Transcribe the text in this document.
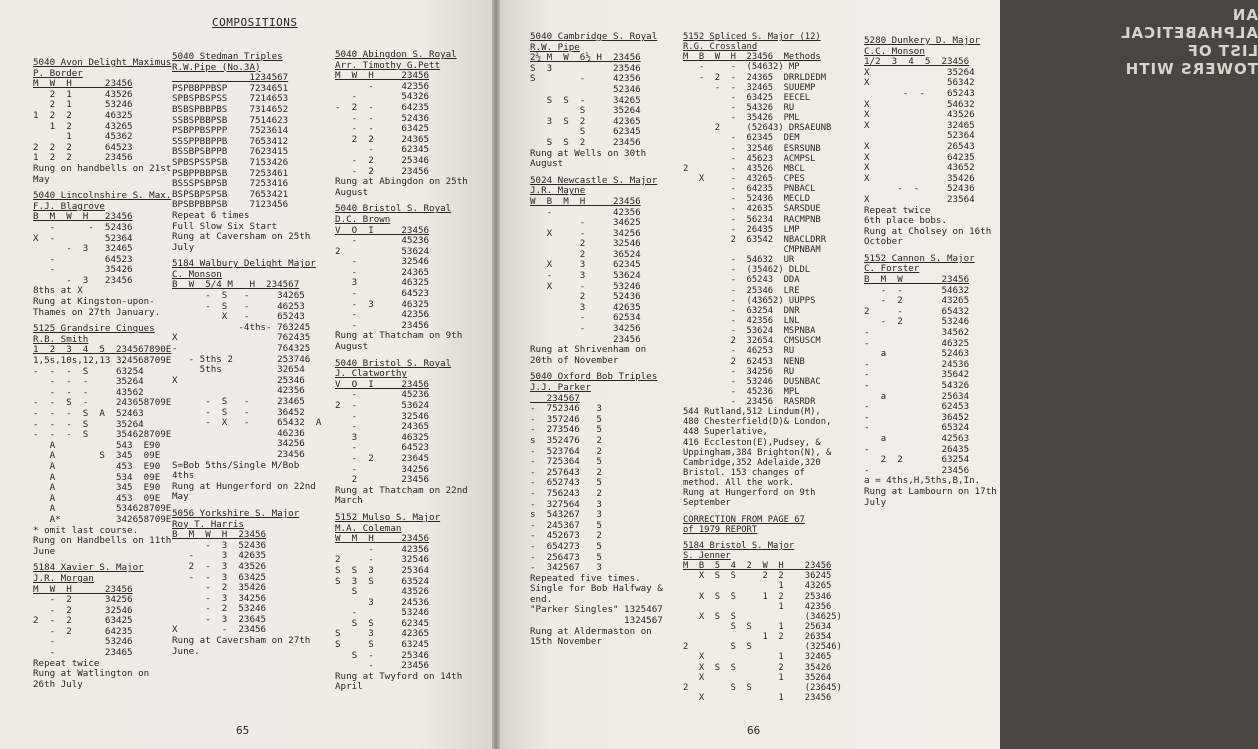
COMPOSITIONS
5040 Avon Delight Maximus
P. Border
M  W  H      23456
2  1      43526
2  1      53246
1  2  2      46325
1  2      43265
1      45362
2  2  2      64523
1  2  2      23456
Rung on handbells on 21st
May
5040 Lincolnshire S. Max.
F.J. Blagrove
B  M  W  H   23456
-      -  52436
X  -         52364
-  3   32465
-         64523
-         35426
-  3   23456
8ths at X
Rung at Kingston-upon-
Thames on 27th January.
5125 Grandsire Cinques
R.B. Smith
1  2  3  4  5  234567890E
1,5s,10s,12,13 324568709E
-  -  -  S     63254
-  -  -     35264
-  -  -     43562
-  -  S  -     243658709E
-  -  -  S  A  52463
-  -  -  S     35264
-  -  -  S     354628709E
A           543  E90
A        S  345  09E
A           453  E90
A           534  09E
A           345  E90
A           453  09E
A           534628709E
A*          342658709E
* omit last course.
Rung on Handbells on 11th
June
5184 Xavier S. Major
J.R. Morgan
M  W  H      23456
-  2      34256
-  2      32546
2  -  2      63425
-  2      64235
-         53246
-         23465
Repeat twice
Rung at Watlington on
26th July
5040 Stedman Triples
R.W.Pipe (No.3A)
1234567
PSPBBPPBSP    7234651
SPBSPBSPSS    7214653
BSBSPBBPBS    7314652
SSBSPBBPSB    7514623
PSBPPBSPPP    7523614
SSSPPBBPPB    7653412
BSSBPSBPPB    7623415
SPBSPSSPSB    7153426
PSBPPBBPSB    7253461
BSSSPSBPSB    7253416
BSPSBPSPSB    7653421
BPSBPBBPSB    7123456
Repeat 6 times
Full Slow Six Start
Rung at Caversham on 25th
July
5184 Walbury Delight Major
C. Monson
B  W  5/4 M   H  234567
-  S   -     34265
-  S   -     46253
X   -     65243
-4ths- 763245
X                  762435
-                  764325
- 5ths 2        253746
5ths          32654
X                  25346
42356
-  S   -     23465
-  S   -     36452
-  X   -     65432  A
46236
34256
23456
S=Bob 5ths/Single M/Bob
4ths
Rung at Hungerford on 22nd
May
5056 Yorkshire S. Major
Roy T. Harris
B  M  W  H  23456
-  3  52436
-     3  42635
2  -  3  43526
-  -  3  63425
-  2  35426
-  3  34256
-  2  53246
-  3  23645
X        -  23456
Rung at Caversham on 27th
June.
5040 Abingdon S. Royal
Arr. Timothy G.Pett
M  W  H     23456
-     42356
-        54326
-  2  -     64235
-  -     52436
-  -     63425
2  2     24365
-     62345
-  2     25346
-  2     23456
Rung at Abingdon on 25th
August
5040 Bristol S. Royal
D.C. Brown
V  O  I     23456
-        45236
2           53624
-        32546
-        24365
3        46325
-        64523
-  3     46325
-        42356
-        23456
Rung at Thatcham on 9th
August
5040 Bristol S. Royal
J. Clatworthy
V  O  I     23456
-        45236
2  -        53624
-        32546
-        24365
3        46325
-        64523
-  2     23645
-        34256
2        23456
Rung at Thatcham on 22nd
March
5152 Mulso S. Major
M.A. Coleman
W  M  H     23456
-     42356
2     -     32546
S  S  3     25364
S  3  S     63524
S        43526
3     24536
-        53246
S  S     62345
S     3     42365
S     S     63245
S  -     25346
-     23456
Rung at Twyford on 14th
April
65
AN ALPHABETICAL LIST OF TOWERS WITH
5040 Cambridge S. Royal
R.W. Pipe
2½ M  W  6½ H  23456
S  3           23546
S        -     42356
52346
S  S  -     34265
S     35264
3  S  2     42365
S     62345
S  S  2     23456
Rung at Wells on 30th
August
5024 Newcastle S. Major
J.R. Mayne
W  B  M  H     23456
-           42356
-     34625
X     -     34256
2     32546
2     36524
X     3     62345
-     3     53624
X     -     53246
2     52436
3     42635
-     62534
-     34256
23456
Rung at Shrivenham on
20th of November
5040 Oxford Bob Triples
J.J. Parker
234567
-  752346   3
-  357246   5
-  273546   5
s  352476   2
-  523764   2
-  725364   5
-  257643   2
-  652743   5
-  756243   2
-  327564   3
s  543267   3
-  245367   5
-  452673   2
-  654273   5
-  256473   5
-  342567   3
Repeated five times.
Single for Bob Halfway &
end.
"Parker Singles" 1325467
1324567
Rung at Aldermaston on
15th November
5152 Spliced S. Major (12)
R.G. Crossland
M  B  W  H  23456  Methods
-     -  (54632) MP
-  2  -  24365  DRRLDEDM
-  -  32465  SUUEMP
-  63425  EECEL
-  54326  RU
-  35426  PML
2     (52643) DRSAEUNB
-  62345  DEM
-  32546  ESRSUNB
-  45623  ACMPSL
2        -  43526  MBCL
X     -  43265  CPES
-  64235  PNBACL
-  52436  MECLD
-  42635  SARSDUE
-  56234  RACMPNB
-  26435  LMP
2  63542  NBACLDRR
CMPNBAM
-  54632  UR
-  (35462) DLDL
-  65243  DDA
-  25346  LRE
-  (43652) UUPPS
-  63254  DNR
-  42356  LNL
-  53624  MSPNBA
2  32654  CMSUSCM
-  46253  RU
2  62453  NENB
-  34256  RU
-  53246  DUSNBAC
-  45236  MPL
-  23456  RASRDR
544 Rutland,512 Lindum(M),
480 Chesterfield(D)& London,
448 Superlative,
416 Eccleston(E),Pudsey, &
Uppingham,384 Brighton(N), &
Cambridge,352 Adelaide,320
Bristol. 153 changes of
method. All the work.
Rung at Hungerford on 9th
September
CORRECTION FROM PAGE 67
of 1979 REPORT
5184 Bristol S. Major
S. Jenner
M  B  5  4  2  W  H    23456
X  S  S     2  2    36245
1    43265
X  S  S     1  2    25346
1    42356
X  S  S             (34625)
S  S     1    25634
1  2    26354
2        S  S          (32546)
X              1    32465
X  S  S        2    35426
X              1    35264
2        S  S          (23645)
X              1    23456
5280 Dunkery D. Major
C.C. Monson
1/2  3  4  5  23456
X              35264
X              56342
-  -    65243
X              54632
X              43526
X              32465
52364
X              26543
X              64235
X              43652
X              35426
-  -     52436
X              23564
Repeat twice
6th place bobs.
Rung at Cholsey on 16th
October
5152 Cannon S. Major
C. Forster
B  M  W       23456
-  -       54632
-  2       43265
2     -       65432
-  2       53246
-             34562
-             46325
a          52463
-             24536
-             35642
-             54326
a          25634
-             62453
-             36452
-             65324
a          42563
-             26435
2  2       63254
-             23456
a = 4ths,H,5ths,B,In.
Rung at Lambourn on 17th
July
66
